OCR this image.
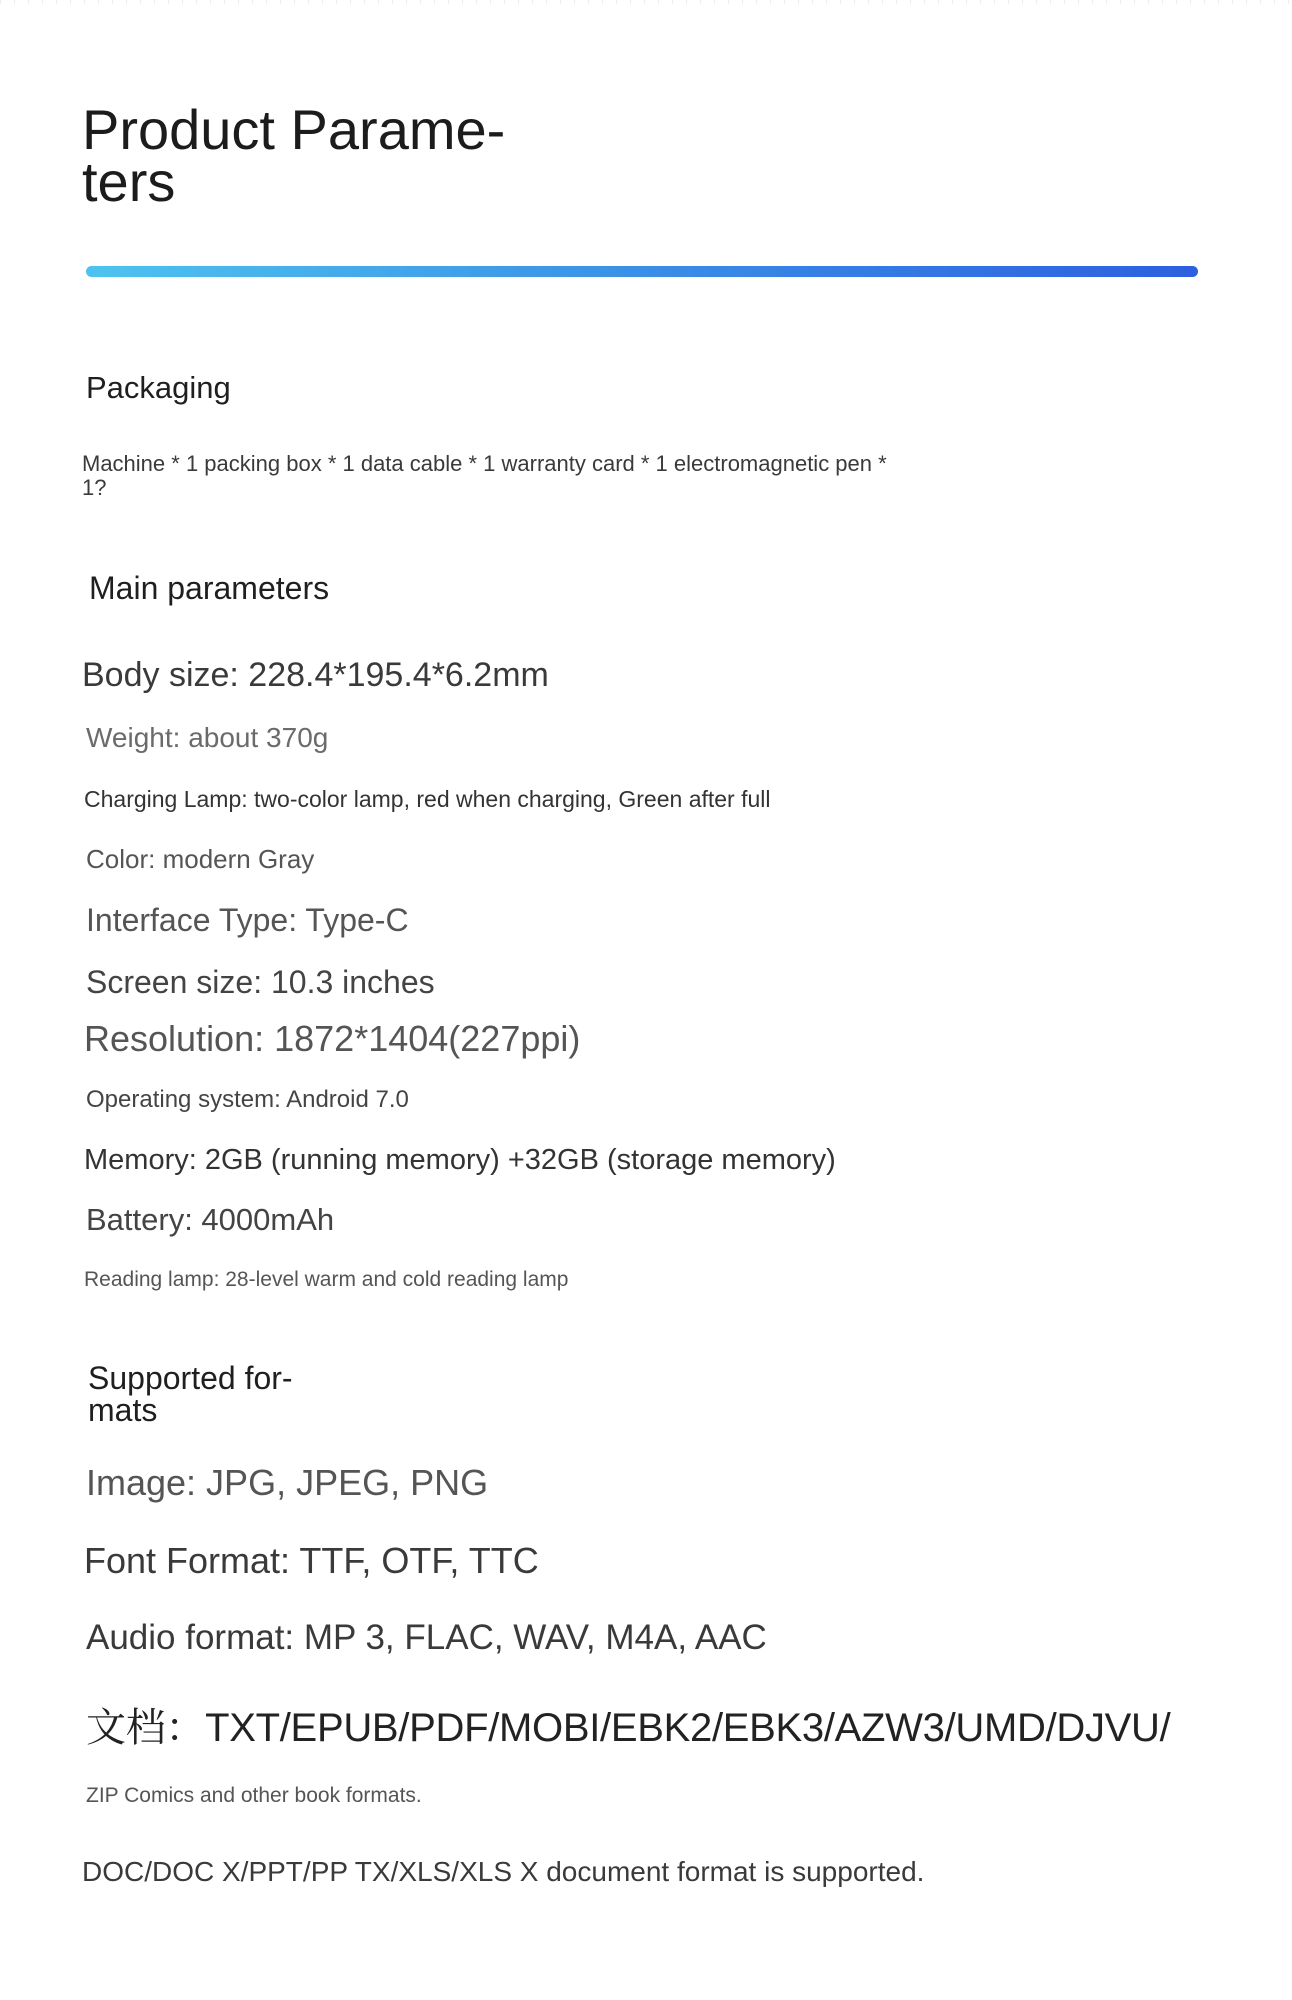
Product Parame-
ters
Packaging
Machine * 1 packing box * 1 data cable * 1 warranty card * 1 electromagnetic pen * 1?
Main parameters
Body size: 228.4*195.4*6.2mm
Weight: about 370g
Charging Lamp: two-color lamp, red when charging, Green after full
Color: modern Gray
Interface Type: Type-C
Screen size: 10.3 inches
Resolution: 1872*1404(227ppi)
Operating system: Android 7.0
Memory: 2GB (running memory) +32GB (storage memory)
Battery: 4000mAh
Reading lamp: 28-level warm and cold reading lamp
Supported for-
mats
Image: JPG, JPEG, PNG
Font Format: TTF, OTF, TTC
Audio format: MP 3, FLAC, WAV, M4A, AAC
文档：TXT/EPUB/PDF/MOBI/EBK2/EBK3/AZW3/UMD/DJVU/
ZIP Comics and other book formats.
DOC/DOC X/PPT/PP TX/XLS/XLS X document format is supported.
